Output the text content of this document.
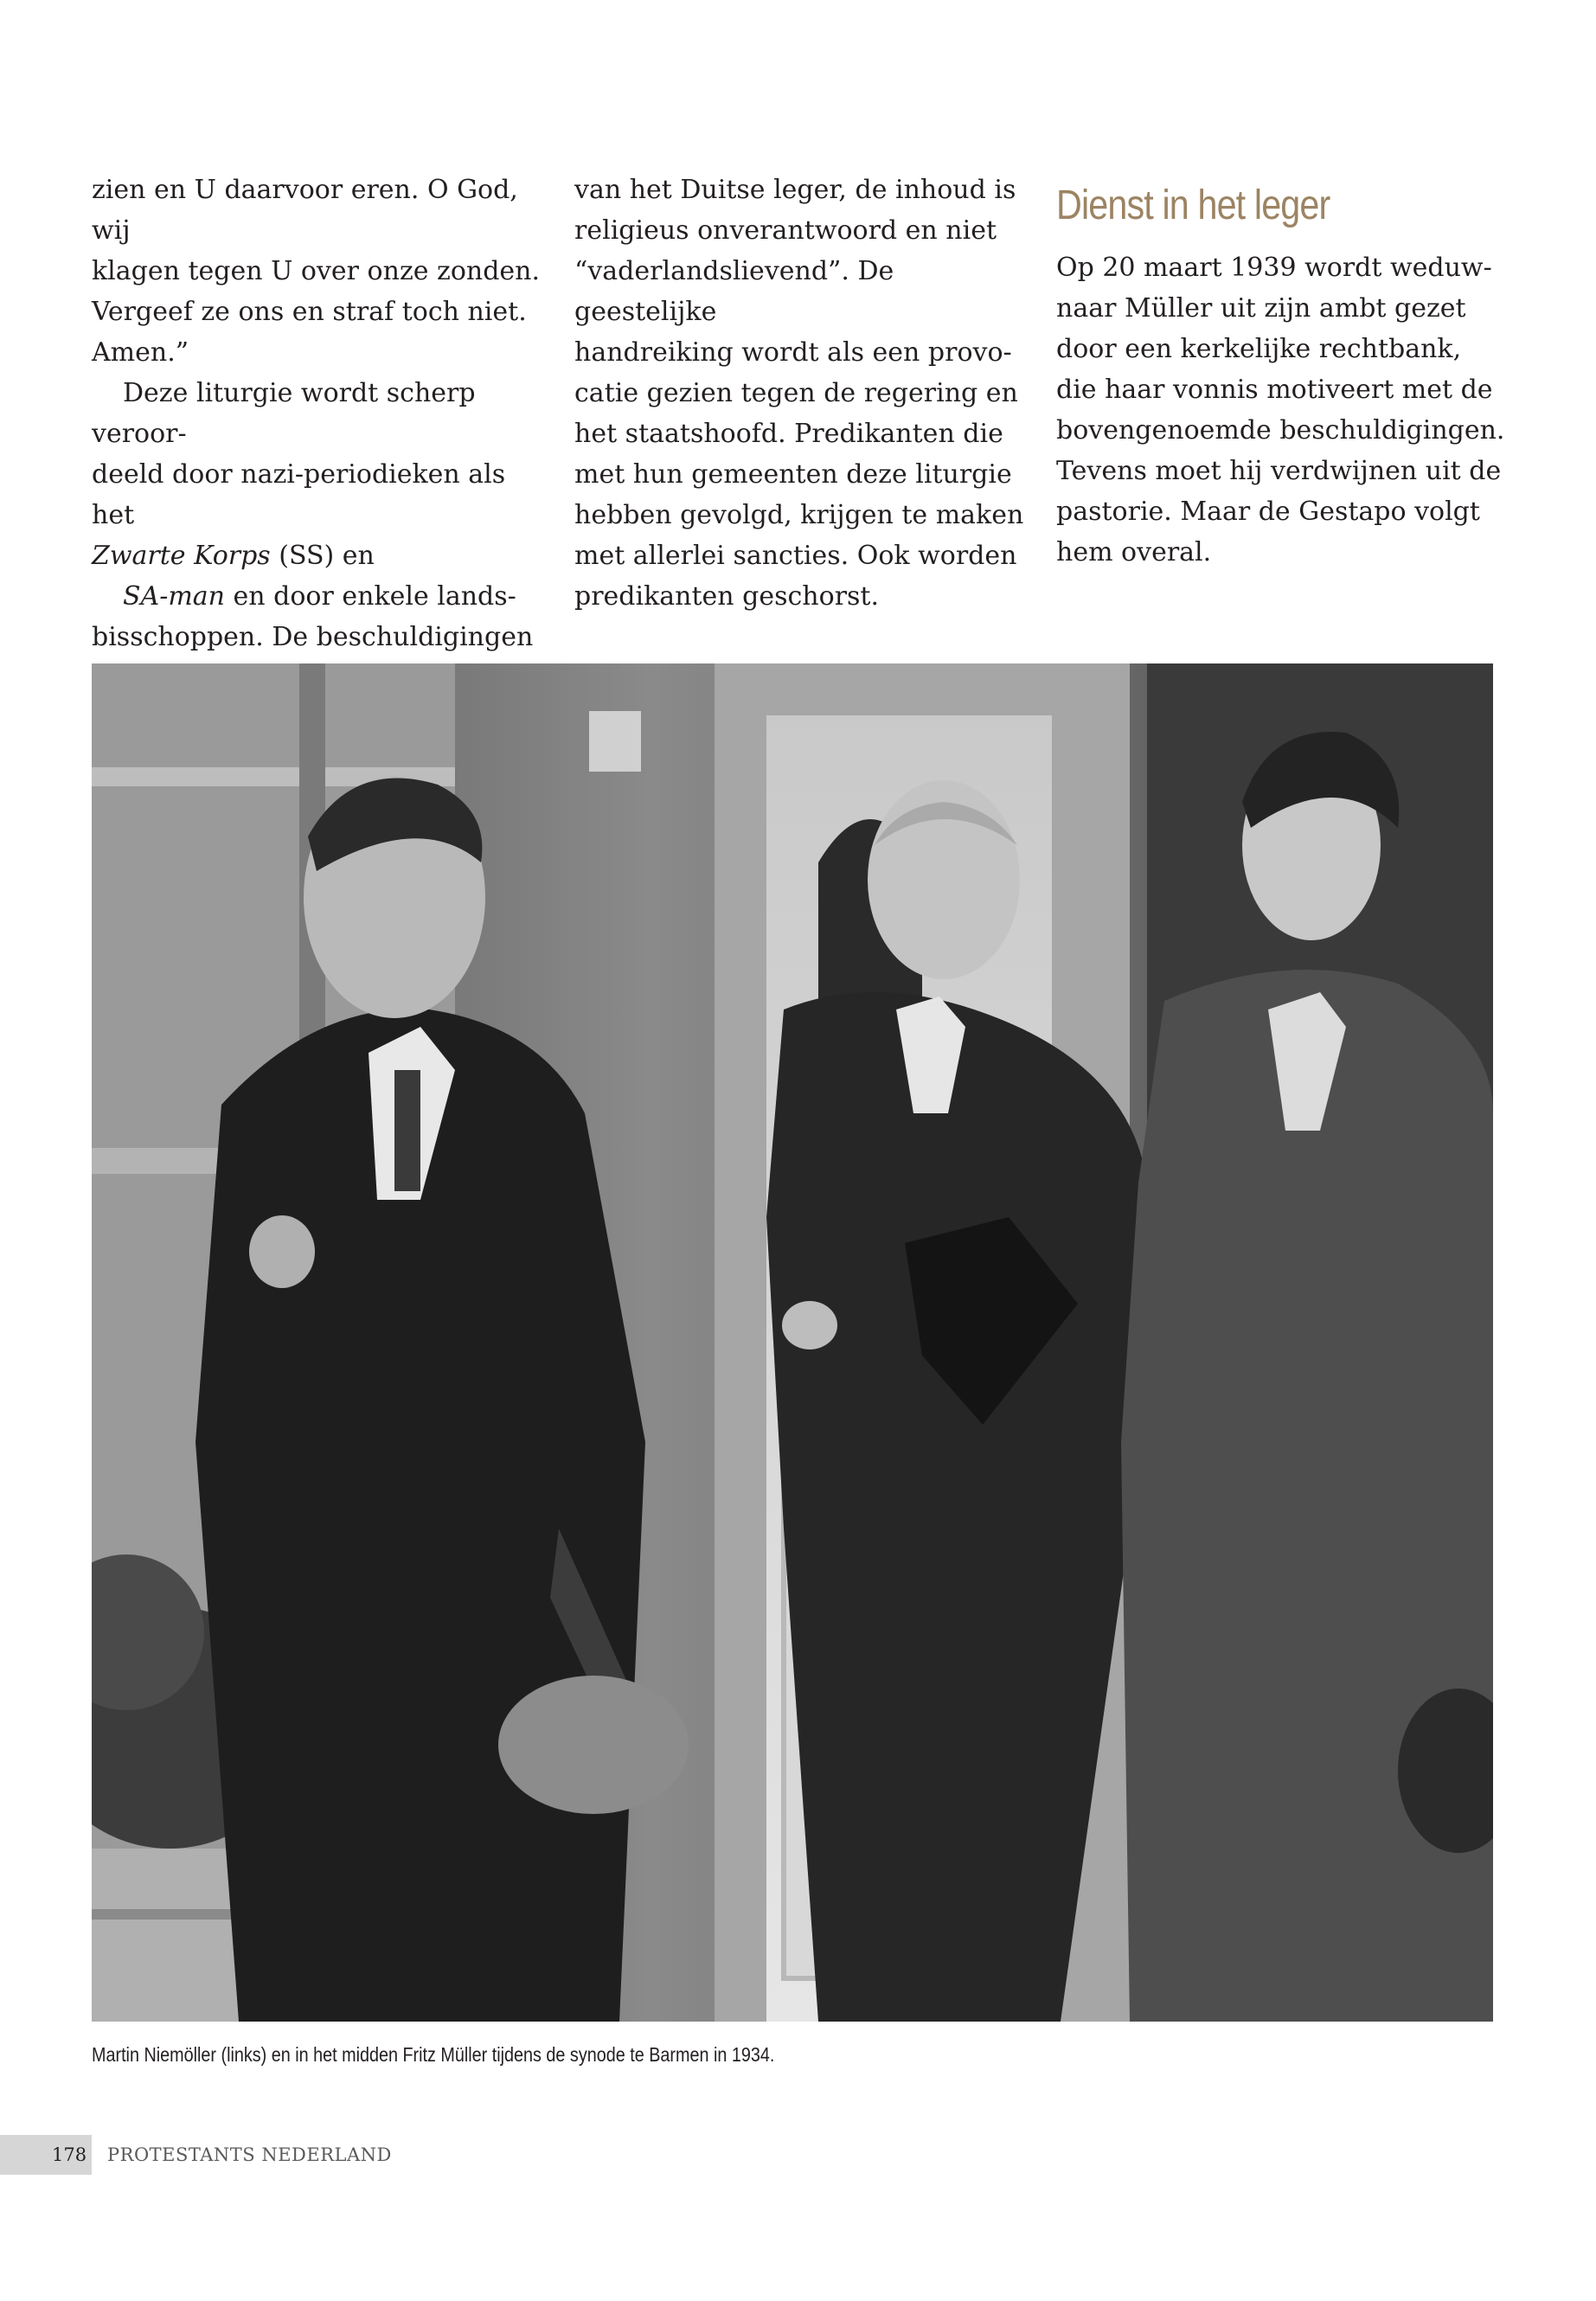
zien en U daarvoor eren. O God, wij

klagen tegen U over onze zonden.

Vergeef ze ons en straf toch niet.

Amen.”

Deze liturgie wordt scherp veroor-

deeld door nazi-periodieken als het

Zwarte Korps (SS) en

SA-man en door enkele lands-

bisschoppen. De beschuldigingen

van het Duitse leger, de inhoud is

religieus onverantwoord en niet

“vaderlandslievend”. De geestelijke

handreiking wordt als een provo-

catie gezien tegen de regering en

het staatshoofd. Predikanten die

met hun gemeenten deze liturgie

hebben gevolgd, krijgen te maken

met allerlei sancties. Ook worden

predikanten geschorst.

Dienst in het leger

Op 20 maart 1939 wordt weduw-

naar Müller uit zijn ambt gezet

door een kerkelijke rechtbank,

die haar vonnis motiveert met de

bovengenoemde beschuldigingen.

Tevens moet hij verdwijnen uit de

pastorie. Maar de Gestapo volgt

hem overal.

Martin Niemöller (links) en in het midden Fritz Müller tijdens de synode te Barmen in 1934.

178 PROTESTANTS NEDERLAND
